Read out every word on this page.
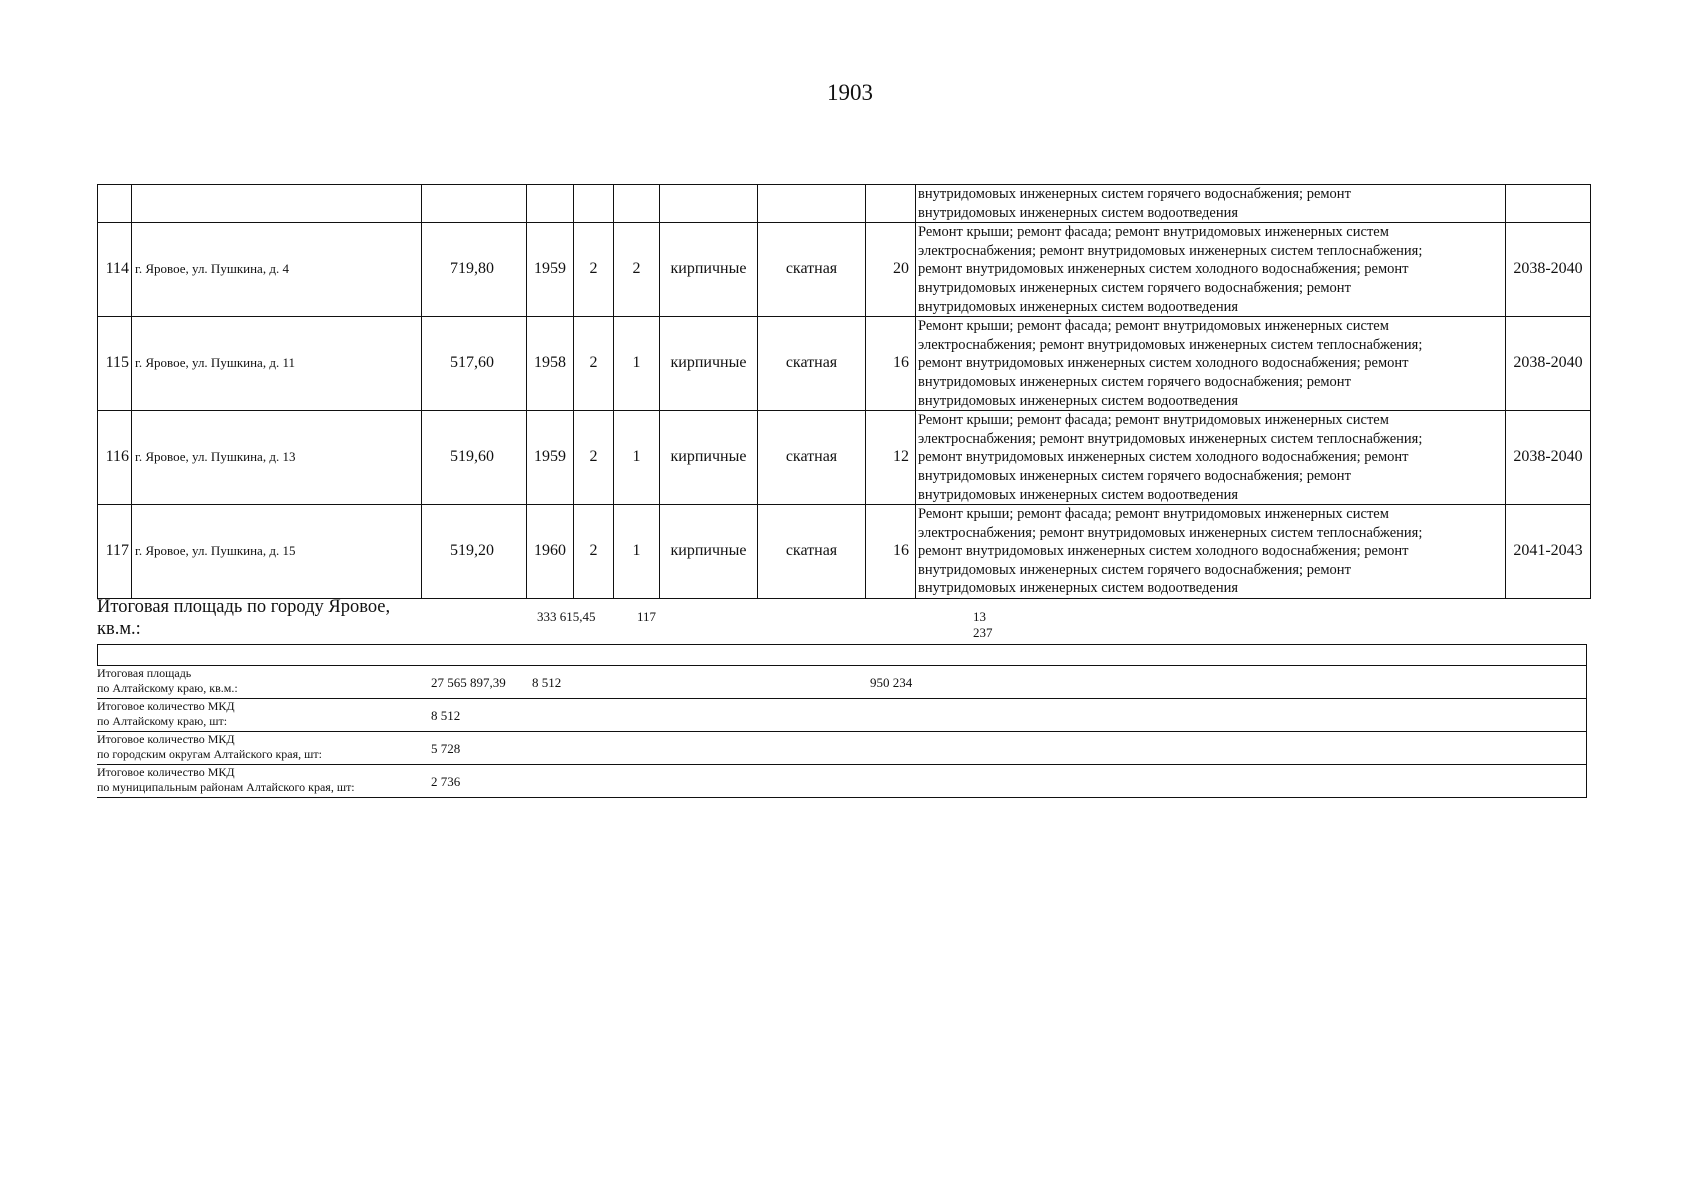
1903
									внутридомовых инженерных систем горячего водоснабжения; ремонт
внутридомовых инженерных систем водоотведения	
114	г. Яровое, ул. Пушкина, д. 4	719,80	1959	2	2	кирпичные	скатная	20	Ремонт крыши; ремонт фасада; ремонт внутридомовых инженерных систем
электроснабжения; ремонт внутридомовых инженерных систем теплоснабжения;
ремонт внутридомовых инженерных систем холодного водоснабжения; ремонт
внутридомовых инженерных систем горячего водоснабжения; ремонт
внутридомовых инженерных систем водоотведения	2038-2040
115	г. Яровое, ул. Пушкина, д. 11	517,60	1958	2	1	кирпичные	скатная	16	Ремонт крыши; ремонт фасада; ремонт внутридомовых инженерных систем
электроснабжения; ремонт внутридомовых инженерных систем теплоснабжения;
ремонт внутридомовых инженерных систем холодного водоснабжения; ремонт
внутридомовых инженерных систем горячего водоснабжения; ремонт
внутридомовых инженерных систем водоотведения	2038-2040
116	г. Яровое, ул. Пушкина, д. 13	519,60	1959	2	1	кирпичные	скатная	12	Ремонт крыши; ремонт фасада; ремонт внутридомовых инженерных систем
электроснабжения; ремонт внутридомовых инженерных систем теплоснабжения;
ремонт внутридомовых инженерных систем холодного водоснабжения; ремонт
внутридомовых инженерных систем горячего водоснабжения; ремонт
внутридомовых инженерных систем водоотведения	2038-2040
117	г. Яровое, ул. Пушкина, д. 15	519,20	1960	2	1	кирпичные	скатная	16	Ремонт крыши; ремонт фасада; ремонт внутридомовых инженерных систем
электроснабжения; ремонт внутридомовых инженерных систем теплоснабжения;
ремонт внутридомовых инженерных систем холодного водоснабжения; ремонт
внутридомовых инженерных систем горячего водоснабжения; ремонт
внутридомовых инженерных систем водоотведения	2041-2043
Итоговая площадь по городу Яровое, кв.м.:
333 615,45	117	13 237
Итоговая площадь
по Алтайскому краю, кв.м.:	27 565 897,39 8 512	950 234
Итоговое количество МКД
по Алтайскому краю, шт:	8 512
Итоговое количество МКД
по городским округам Алтайского края, шт:	5 728
Итоговое количество МКД
по муниципальным районам Алтайского края, шт:	2 736
